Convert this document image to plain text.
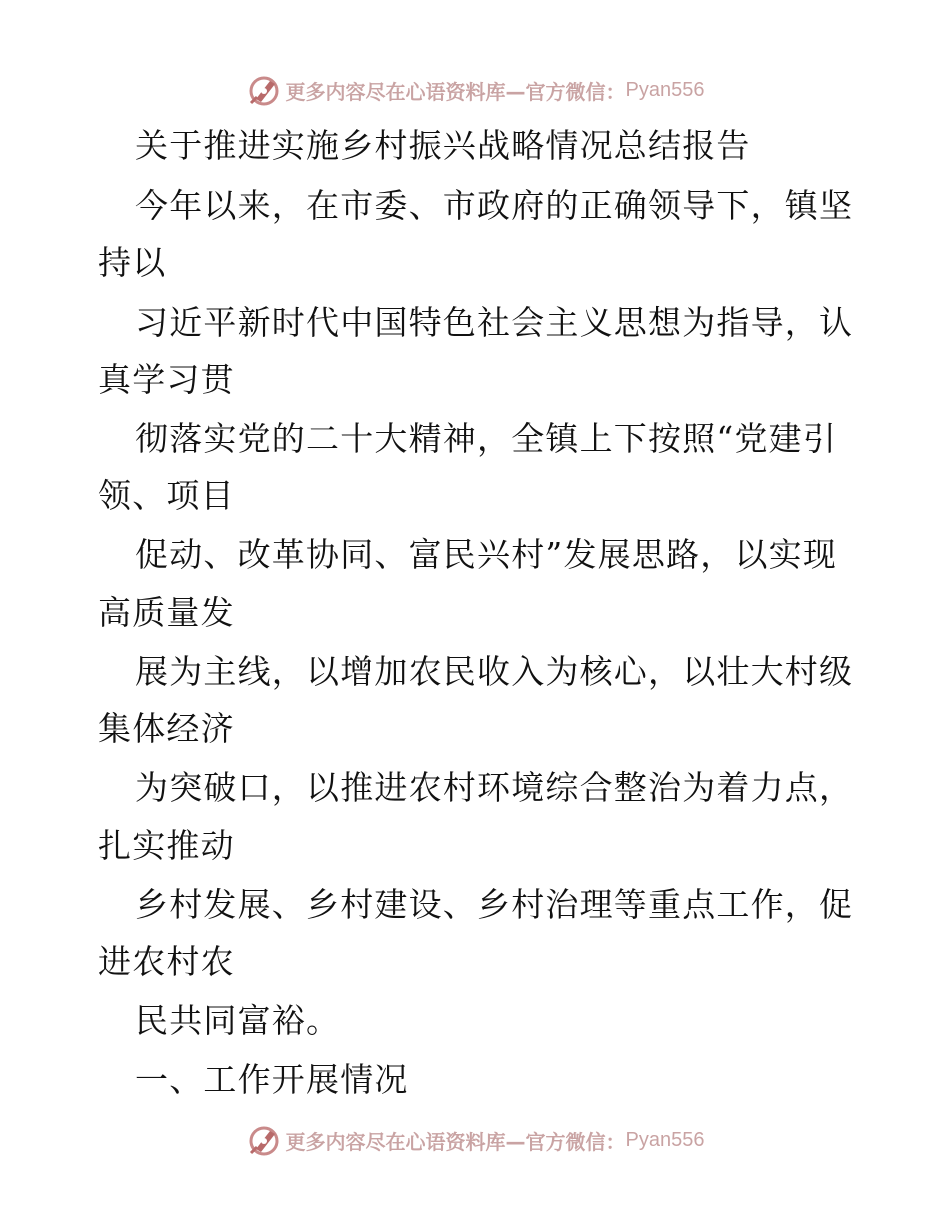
更多内容尽在心语资料库—官方微信： Pyan556
关于推进实施乡村振兴战略情况总结报告
今年以来，在市委、市政府的正确领导下，镇坚
持以
习近平新时代中国特色社会主义思想为指导，认
真学习贯
彻落实党的二十大精神，全镇上下按照“党建引
领、项目
促动、改革协同、富民兴村”发展思路，以实现
高质量发
展为主线，以增加农民收入为核心，以壮大村级
集体经济
为突破口，以推进农村环境综合整治为着力点，
扎实推动
乡村发展、乡村建设、乡村治理等重点工作，促
进农村农
民共同富裕。
一、工作开展情况
更多内容尽在心语资料库—官方微信： Pyan556
